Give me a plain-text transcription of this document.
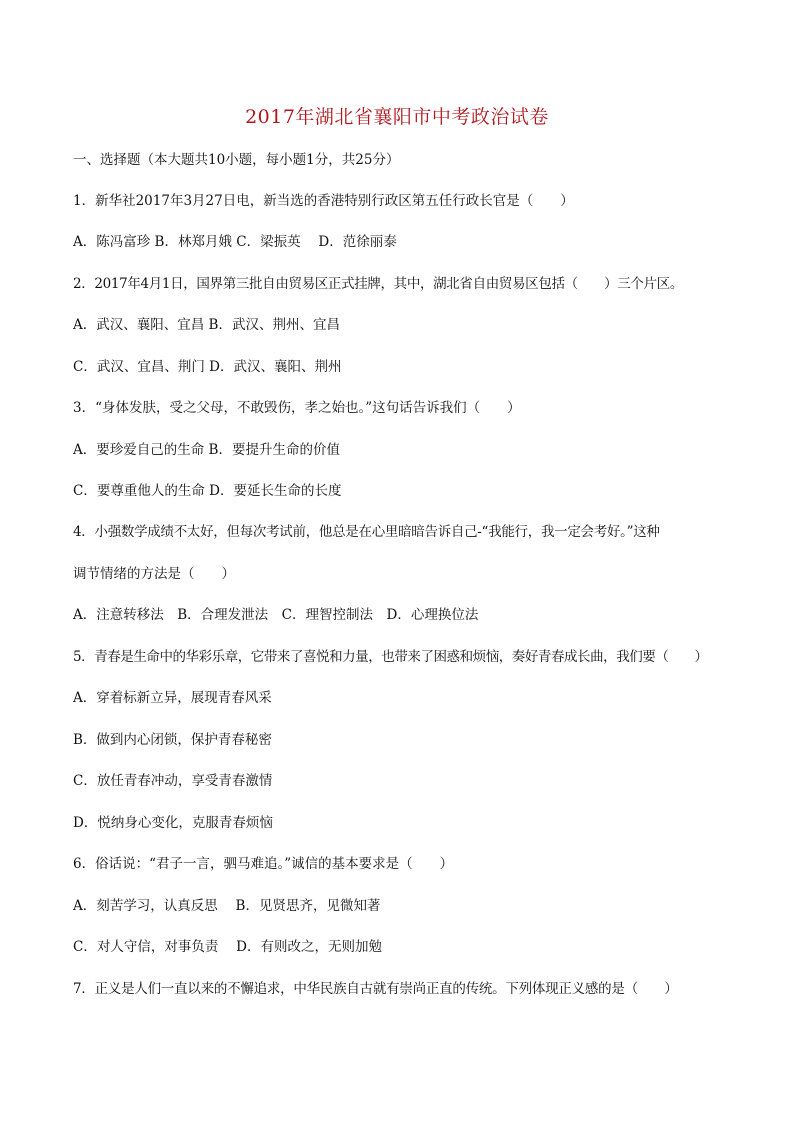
2017年湖北省襄阳市中考政治试卷
一、选择题（本大题共10小题，每小题1分，共25分）
1．新华社2017年3月27日电，新当选的香港特别行政区第五任行政长官是（　　）
A．陈冯富珍 B．林郑月娥 C．梁振英　 D．范徐丽泰
2．2017年4月1日，国界第三批自由贸易区正式挂牌，其中，湖北省自由贸易区包括（　　）三个片区。
A．武汉、襄阳、宜昌 B．武汉、荆州、宜昌
C．武汉、宜昌、荆门 D．武汉、襄阳、荆州
3．“身体发肤，受之父母，不敢毁伤，孝之始也。”这句话告诉我们（　　）
A．要珍爱自己的生命 B．要提升生命的价值
C．要尊重他人的生命 D．要延长生命的长度
4．小强数学成绩不太好，但每次考试前，他总是在心里暗暗告诉自己‐“我能行，我一定会考好。”这种
调节情绪的方法是（　　）
A．注意转移法　B．合理发泄法　C．理智控制法　D．心理换位法
5．青春是生命中的华彩乐章，它带来了喜悦和力量，也带来了困惑和烦恼，奏好青春成长曲，我们要（　　）
A．穿着标新立异，展现青春风采
B．做到内心闭锁，保护青春秘密
C．放任青春冲动，享受青春激情
D．悦纳身心变化，克服青春烦恼
6．俗话说：“君子一言，驷马难追。”诚信的基本要求是（　　）
A．刻苦学习，认真反思　 B．见贤思齐，见微知著
C．对人守信，对事负责　 D．有则改之，无则加勉
7．正义是人们一直以来的不懈追求，中华民族自古就有崇尚正直的传统。下列体现正义感的是（　　）
